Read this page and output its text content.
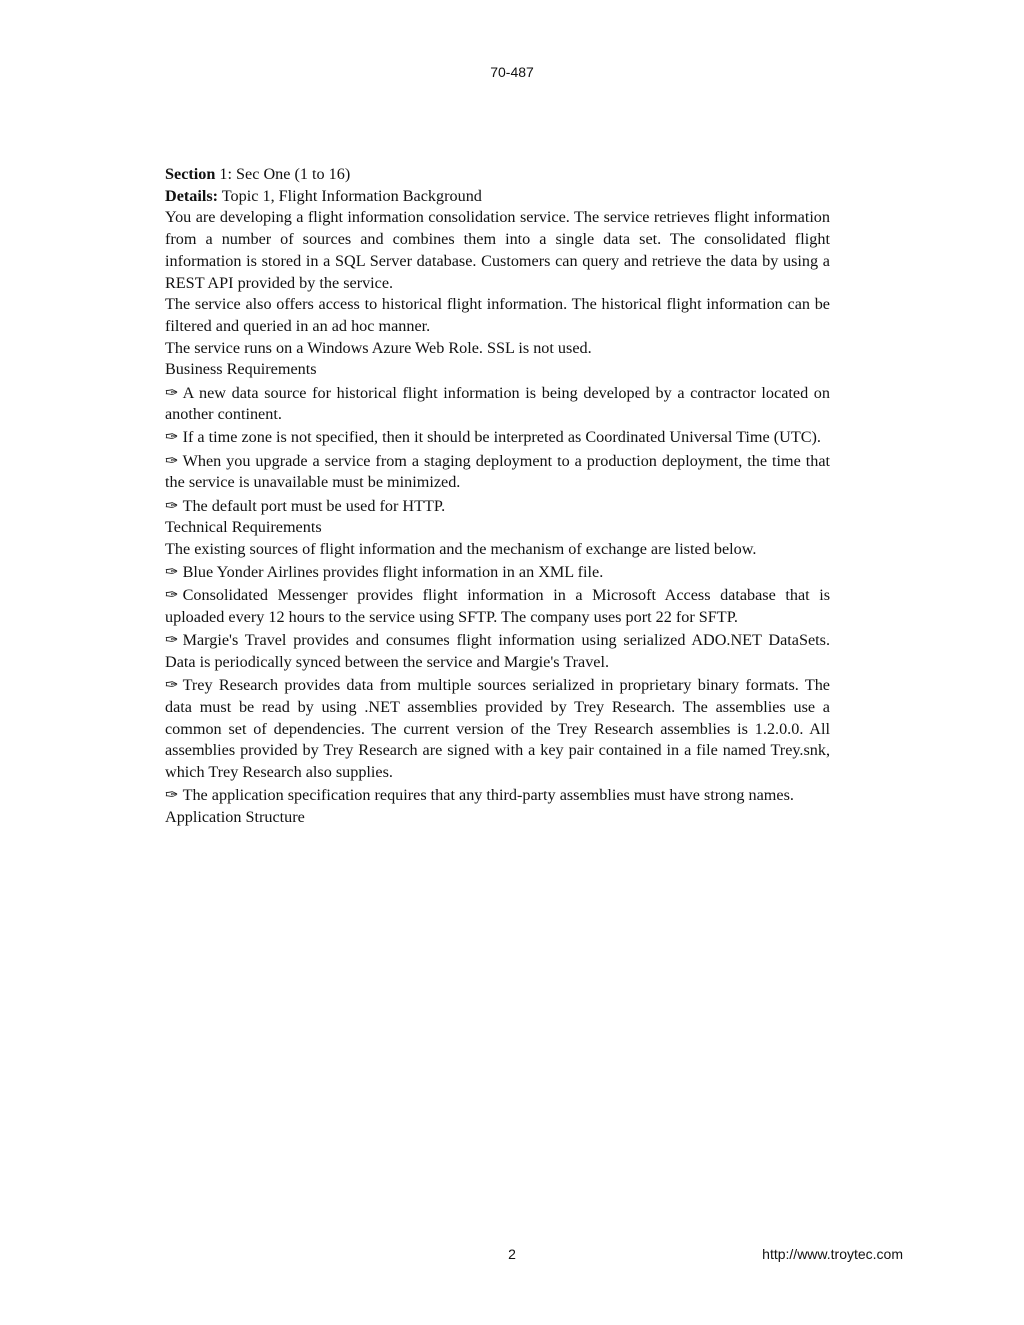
70-487

Section 1: Sec One (1 to 16)

Details: Topic 1, Flight Information Background

You are developing a flight information consolidation service. The service retrieves flight information from a number of sources and combines them into a single data set. The consolidated flight information is stored in a SQL Server database. Customers can query and retrieve the data by using a REST API provided by the service.

The service also offers access to historical flight information. The historical flight information can be filtered and queried in an ad hoc manner.

The service runs on a Windows Azure Web Role. SSL is not used.

Business Requirements

✑ A new data source for historical flight information is being developed by a contractor located on another continent.

✑ If a time zone is not specified, then it should be interpreted as Coordinated Universal Time (UTC).

✑ When you upgrade a service from a staging deployment to a production deployment, the time that the service is unavailable must be minimized.

✑ The default port must be used for HTTP.

Technical Requirements

The existing sources of flight information and the mechanism of exchange are listed below.

✑ Blue Yonder Airlines provides flight information in an XML file.

✑ Consolidated Messenger provides flight information in a Microsoft Access database that is uploaded every 12 hours to the service using SFTP. The company uses port 22 for SFTP.

✑ Margie's Travel provides and consumes flight information using serialized ADO.NET DataSets. Data is periodically synced between the service and Margie's Travel.

✑ Trey Research provides data from multiple sources serialized in proprietary binary formats. The data must be read by using .NET assemblies provided by Trey Research. The assemblies use a common set of dependencies. The current version of the Trey Research assemblies is 1.2.0.0. All assemblies provided by Trey Research are signed with a key pair contained in a file named Trey.snk, which Trey Research also supplies.

✑ The application specification requires that any third-party assemblies must have strong names.

Application Structure

2	http://www.troytec.com
